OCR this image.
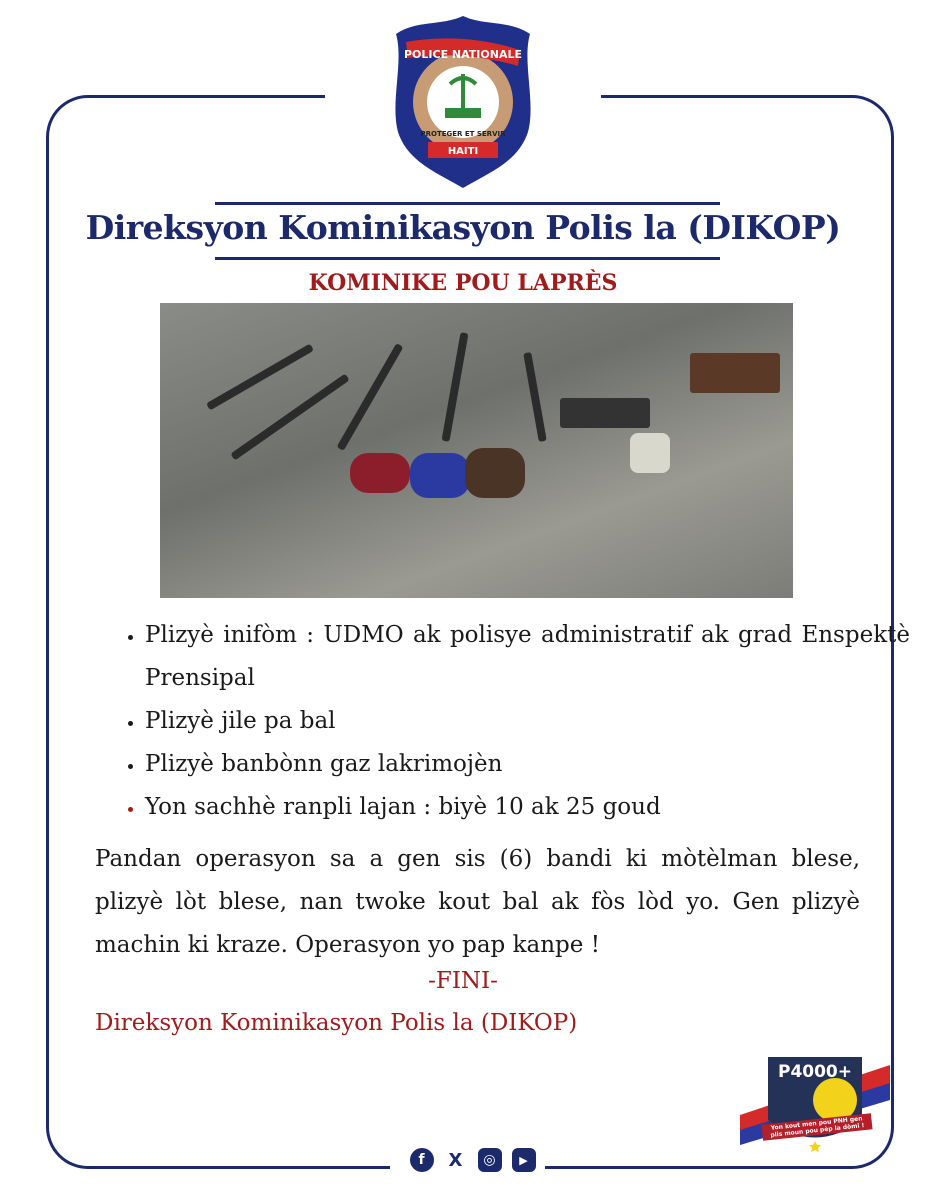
POLICE NATIONALE
HAITI
PROTEGER ET SERVIR
Direksyon Kominikasyon Polis la (DIKOP)
KOMINIKE POU LAPRÈS
• Plizyè inifòm : UDMO ak polisye administratif ak grad Enspektè Prensipal
• Plizyè jile pa bal
• Plizyè banbònn gaz lakrimojèn
• Yon sachhè ranpli lajan : biyè 10 ak 25 goud
Pandan operasyon sa a gen sis (6) bandi ki mòtèlman blese, plizyè lòt blese, nan twoke kout bal ak fòs lòd yo. Gen plizyè machin ki kraze. Operasyon yo pap kanpe !
-FINI-
Direksyon Kominikasyon Polis la (DIKOP)
P4000+
Yon kout men pou PNH gen plis moun pou pèp la dòmi !
f	X	◎	▶
